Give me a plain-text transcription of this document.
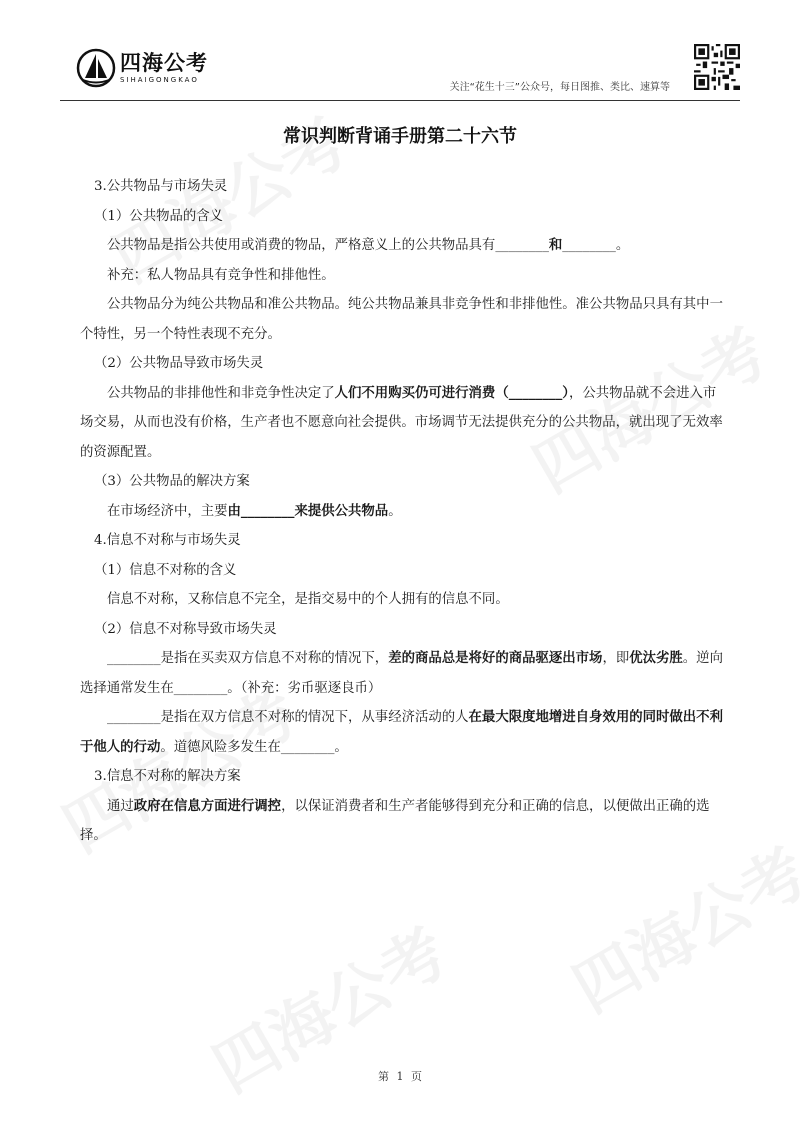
四海公考
SIHAIGONGKAO
关注“花生十三”公众号，每日图推、类比、速算等
常识判断背诵手册第二十六节

3.公共物品与市场失灵

（1）公共物品的含义

公共物品是指公共使用或消费的物品，严格意义上的公共物品具有________和________。

补充：私人物品具有竞争性和排他性。

公共物品分为纯公共物品和准公共物品。纯公共物品兼具非竞争性和非排他性。准公共物品只具有其中一个特性，另一个特性表现不充分。

（2）公共物品导致市场失灵

公共物品的非排他性和非竞争性决定了人们不用购买仍可进行消费（________），公共物品就不会进入市场交易，从而也没有价格，生产者也不愿意向社会提供。市场调节无法提供充分的公共物品，就出现了无效率的资源配置。

（3）公共物品的解决方案

在市场经济中，主要由________来提供公共物品。

4.信息不对称与市场失灵

（1）信息不对称的含义

信息不对称，又称信息不完全，是指交易中的个人拥有的信息不同。

（2）信息不对称导致市场失灵

________是指在买卖双方信息不对称的情况下，差的商品总是将好的商品驱逐出市场，即优汰劣胜。逆向选择通常发生在________。（补充：劣币驱逐良币）

________是指在双方信息不对称的情况下，从事经济活动的人在最大限度地增进自身效用的同时做出不利于他人的行动。道德风险多发生在________。

3.信息不对称的解决方案

通过政府在信息方面进行调控，以保证消费者和生产者能够得到充分和正确的信息，以便做出正确的选择。

第 1 页
